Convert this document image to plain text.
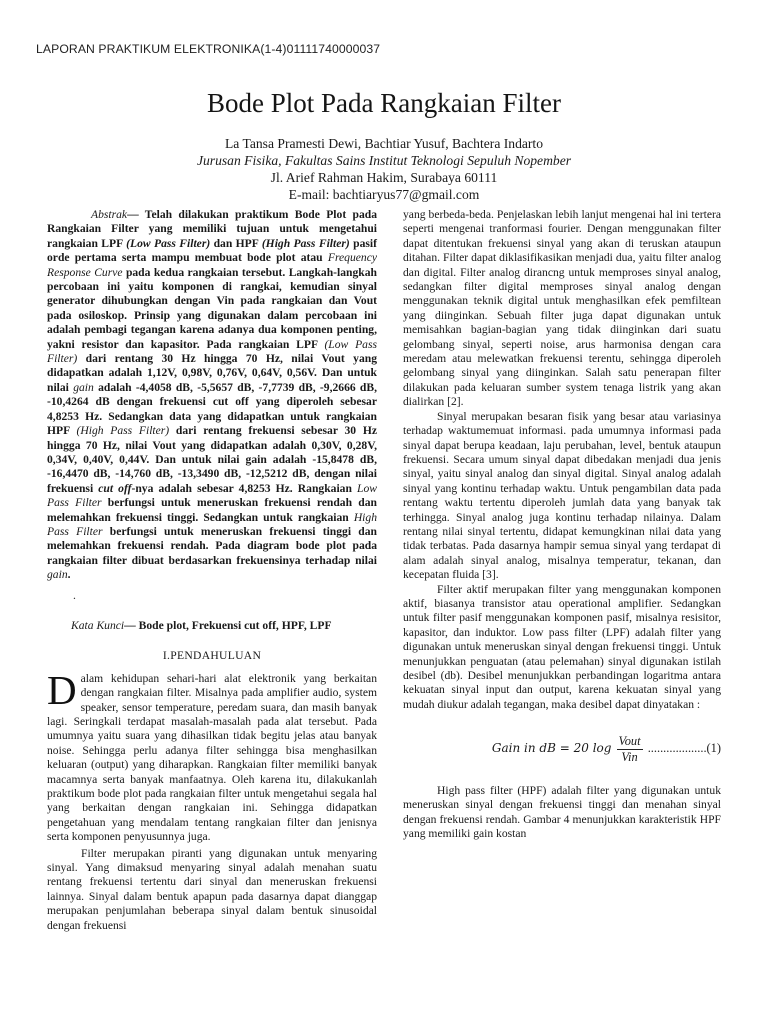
LAPORAN PRAKTIKUM ELEKTRONIKA(1-4)01111740000037
Bode Plot Pada Rangkaian Filter

La Tansa Pramesti Dewi, Bachtiar Yusuf, Bachtera Indarto

Jurusan Fisika, Fakultas Sains Institut Teknologi Sepuluh Nopember

Jl. Arief Rahman Hakim, Surabaya 60111

E-mail: bachtiaryus77@gmail.com

Abstrak— Telah dilakukan praktikum Bode Plot pada Rangkaian Filter yang memiliki tujuan untuk mengetahui rangkaian LPF (Low Pass Filter) dan HPF (High Pass Filter) pasif orde pertama serta mampu membuat bode plot atau Frequency Response Curve pada kedua rangkaian tersebut. Langkah-langkah percobaan ini yaitu komponen di rangkai, kemudian sinyal generator dihubungkan dengan Vin pada rangkaian dan Vout pada osiloskop. Prinsip yang digunakan dalam percobaan ini adalah pembagi tegangan karena adanya dua komponen penting, yakni resistor dan kapasitor. Pada rangkaian LPF (Low Pass Filter) dari rentang 30 Hz hingga 70 Hz, nilai Vout yang didapatkan adalah 1,12V, 0,98V, 0,76V, 0,64V, 0,56V. Dan untuk nilai gain adalah -4,4058 dB, -5,5657 dB, -7,7739 dB, -9,2666 dB, -10,4264 dB dengan frekuensi cut off yang diperoleh sebesar 4,8253 Hz. Sedangkan data yang didapatkan untuk rangkaian HPF (High Pass Filter) dari rentang frekuensi sebesar 30 Hz hingga 70 Hz, nilai Vout yang didapatkan adalah 0,30V, 0,28V, 0,34V, 0,40V, 0,44V. Dan untuk nilai gain adalah -15,8478 dB, -16,4470 dB, -14,760 dB, -13,3490 dB, -12,5212 dB, dengan nilai frekuensi cut off-nya adalah sebesar 4,8253 Hz. Rangkaian Low Pass Filter berfungsi untuk meneruskan frekuensi rendah dan melemahkan frekuensi tinggi. Sedangkan untuk rangkaian High Pass Filter berfungsi untuk meneruskan frekuensi tinggi dan melemahkan frekuensi rendah. Pada diagram bode plot pada rangkaian filter dibuat berdasarkan frekuensinya terhadap nilai gain.

.

Kata Kunci— Bode plot, Frekuensi cut off, HPF, LPF

I.PENDAHULUAN

Dalam kehidupan sehari-hari alat elektronik yang berkaitan dengan rangkaian filter. Misalnya pada amplifier audio, system speaker, sensor temperature, peredam suara, dan masih banyak lagi. Seringkali terdapat masalah-masalah pada alat tersebut. Pada umumnya yaitu suara yang dihasilkan tidak begitu jelas atau banyak noise. Sehingga perlu adanya filter sehingga bisa menghasilkan keluaran (output) yang diharapkan. Rangkaian filter memiliki banyak macamnya serta banyak manfaatnya. Oleh karena itu, dilakukanlah praktikum bode plot pada rangkaian filter untuk mengetahui segala hal yang berkaitan dengan rangkaian ini. Sehingga didapatkan pengetahuan yang mendalam tentang rangkaian filter dan jenisnya serta komponen penyusunnya juga.

Filter merupakan piranti yang digunakan untuk menyaring sinyal. Yang dimaksud menyaring sinyal adalah menahan suatu rentang frekuensi tertentu dari sinyal dan meneruskan frekuensi lainnya. Sinyal dalam bentuk apapun pada dasarnya dapat dianggap merupakan penjumlahan beberapa sinyal dalam bentuk sinusoidal dengan frekuensi

yang berbeda-beda. Penjelaskan lebih lanjut mengenai hal ini tertera seperti mengenai tranformasi fourier. Dengan menggunakan filter dapat ditentukan frekuensi sinyal yang akan di teruskan ataupun ditahan. Filter dapat diklasifikasikan menjadi dua, yaitu filter analog dan digital. Filter analog dirancng untuk memproses sinyal analog, sedangkan filter digital memproses sinyal analog dengan menggunakan teknik digital untuk menghasilkan efek pemfiltean yang diinginkan. Sebuah filter juga dapat digunakan untuk memisahkan bagian-bagian yang tidak diinginkan dari suatu gelombang sinyal, seperti noise, arus harmonisa dengan cara meredam atau melewatkan frekuensi terentu, sehingga diperoleh gelombang sinyal yang diinginkan. Salah satu penerapan filter dilakukan pada keluaran sumber system tenaga listrik yang akan dialirkan [2].

Sinyal merupakan besaran fisik yang besar atau variasinya terhadap waktumemuat informasi. pada umumnya informasi pada sinyal dapat berupa keadaan, laju perubahan, level, bentuk ataupun frekuensi. Secara umum sinyal dapat dibedakan menjadi dua jenis sinyal, yaitu sinyal analog dan sinyal digital. Sinyal analog adalah sinyal yang kontinu terhadap waktu. Untuk pengambilan data pada rentang waktu tertentu diperoleh jumlah data yang banyak tak terhingga. Sinyal analog juga kontinu terhadap nilainya. Dalam rentang nilai sinyal tertentu, didapat kemungkinan nilai data yang tidak terbatas. Pada dasarnya hampir semua sinyal yang terdapat di alam adalah sinyal analog, misalnya temperatur, tekanan, dan kecepatan fluida [3].

Filter aktif merupakan filter yang menggunakan komponen aktif, biasanya transistor atau operational amplifier. Sedangkan untuk filter pasif menggunakan komponen pasif, misalnya resisitor, kapasitor, dan induktor. Low pass filter (LPF) adalah filter yang digunakan untuk meneruskan sinyal dengan frekuensi tinggi. Untuk menunjukkan penguatan (atau pelemahan) sinyal digunakan istilah desibel (db). Desibel menunjukkan perbandingan logaritma antara kekuatan sinyal input dan output, karena kekuatan sinyal yang mudah diukur adalah tegangan, maka desibel dapat dinyatakan :

Gain in dB = 20 $\log \frac{\text{Vout}}{\text{Vin}} ...................(1)$

High pass filter (HPF) adalah filter yang digunakan untuk meneruskan sinyal dengan frekuensi tinggi dan menahan sinyal dengan frekuensi rendah. Gambar 4 menunjukkan karakteristik HPF yang memiliki gain kostan
